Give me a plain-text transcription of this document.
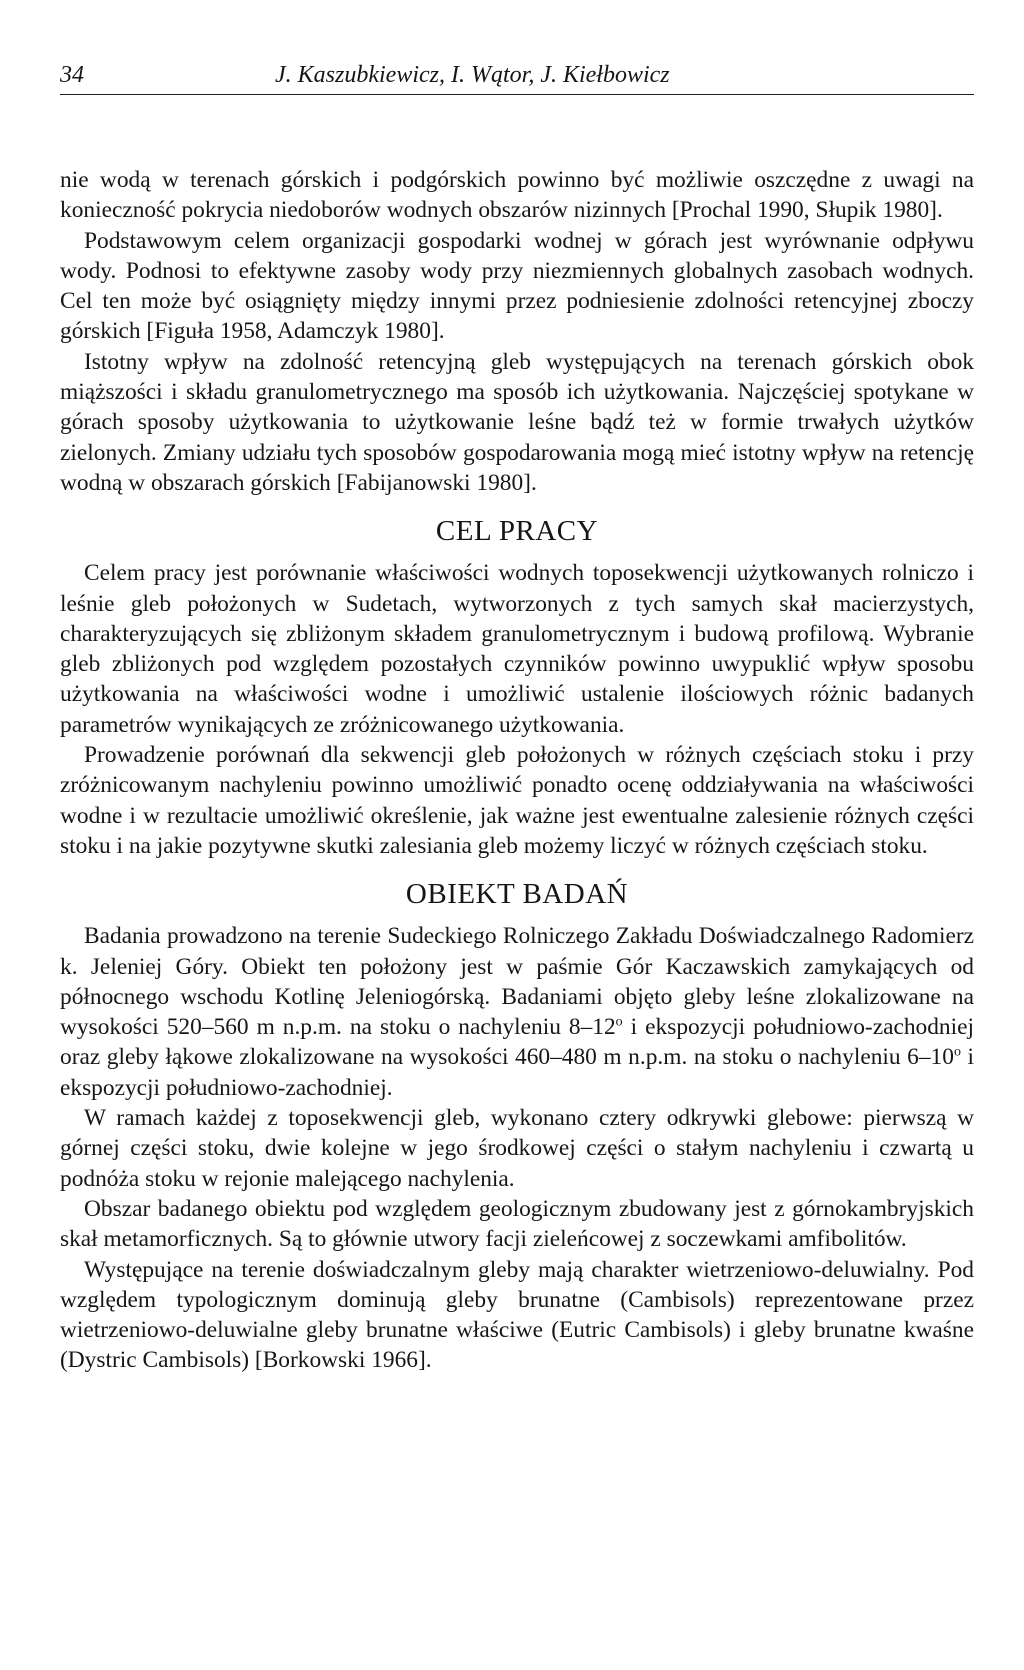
34	J. Kaszubkiewicz, I. Wątor, J. Kiełbowicz

nie wodą w terenach górskich i podgórskich powinno być możliwie oszczędne z uwagi na konieczność pokrycia niedoborów wodnych obszarów nizinnych [Prochal 1990, Słupik 1980].

Podstawowym celem organizacji gospodarki wodnej w górach jest wyrównanie odpływu wody. Podnosi to efektywne zasoby wody przy niezmiennych globalnych zasobach wodnych. Cel ten może być osiągnięty między innymi przez podniesienie zdolności retencyjnej zboczy górskich [Figuła 1958, Adamczyk 1980].

Istotny wpływ na zdolność retencyjną gleb występujących na terenach górskich obok miąższości i składu granulometrycznego ma sposób ich użytkowania. Najczęściej spotykane w górach sposoby użytkowania to użytkowanie leśne bądź też w formie trwałych użytków zielonych. Zmiany udziału tych sposobów gospodarowania mogą mieć istotny wpływ na retencję wodną w obszarach górskich [Fabijanowski 1980].

CEL PRACY

Celem pracy jest porównanie właściwości wodnych toposekwencji użytkowanych rolniczo i leśnie gleb położonych w Sudetach, wytworzonych z tych samych skał macierzystych, charakteryzujących się zbliżonym składem granulometrycznym i budową profilową. Wybranie gleb zbliżonych pod względem pozostałych czynników powinno uwypuklić wpływ sposobu użytkowania na właściwości wodne i umożliwić ustalenie ilościowych różnic badanych parametrów wynikających ze zróżnicowanego użytkowania.

Prowadzenie porównań dla sekwencji gleb położonych w różnych częściach stoku i przy zróżnicowanym nachyleniu powinno umożliwić ponadto ocenę oddziaływania na właściwości wodne i w rezultacie umożliwić określenie, jak ważne jest ewentualne zalesienie różnych części stoku i na jakie pozytywne skutki zalesiania gleb możemy liczyć w różnych częściach stoku.

OBIEKT BADAŃ

Badania prowadzono na terenie Sudeckiego Rolniczego Zakładu Doświadczalnego Radomierz k. Jeleniej Góry. Obiekt ten położony jest w paśmie Gór Kaczawskich zamykających od północnego wschodu Kotlinę Jeleniogórską. Badaniami objęto gleby leśne zlokalizowane na wysokości 520–560 m n.p.m. na stoku o nachyleniu 8–12$^o$ i ekspozycji południowo-zachodniej oraz gleby łąkowe zlokalizowane na wysokości 460–480 m n.p.m. na stoku o nachyleniu 6–10$^o$ i ekspozycji południowo-zachodniej.

W ramach każdej z toposekwencji gleb, wykonano cztery odkrywki glebowe: pierwszą w górnej części stoku, dwie kolejne w jego środkowej części o stałym nachyleniu i czwartą u podnóża stoku w rejonie malejącego nachylenia.

Obszar badanego obiektu pod względem geologicznym zbudowany jest z górnokambryjskich skał metamorficznych. Są to głównie utwory facji zieleńcowej z soczewkami amfibolitów.

Występujące na terenie doświadczalnym gleby mają charakter wietrzeniowo-deluwialny. Pod względem typologicznym dominują gleby brunatne (Cambisols) reprezentowane przez wietrzeniowo-deluwialne gleby brunatne właściwe (Eutric Cambisols) i gleby brunatne kwaśne (Dystric Cambisols) [Borkowski 1966].
